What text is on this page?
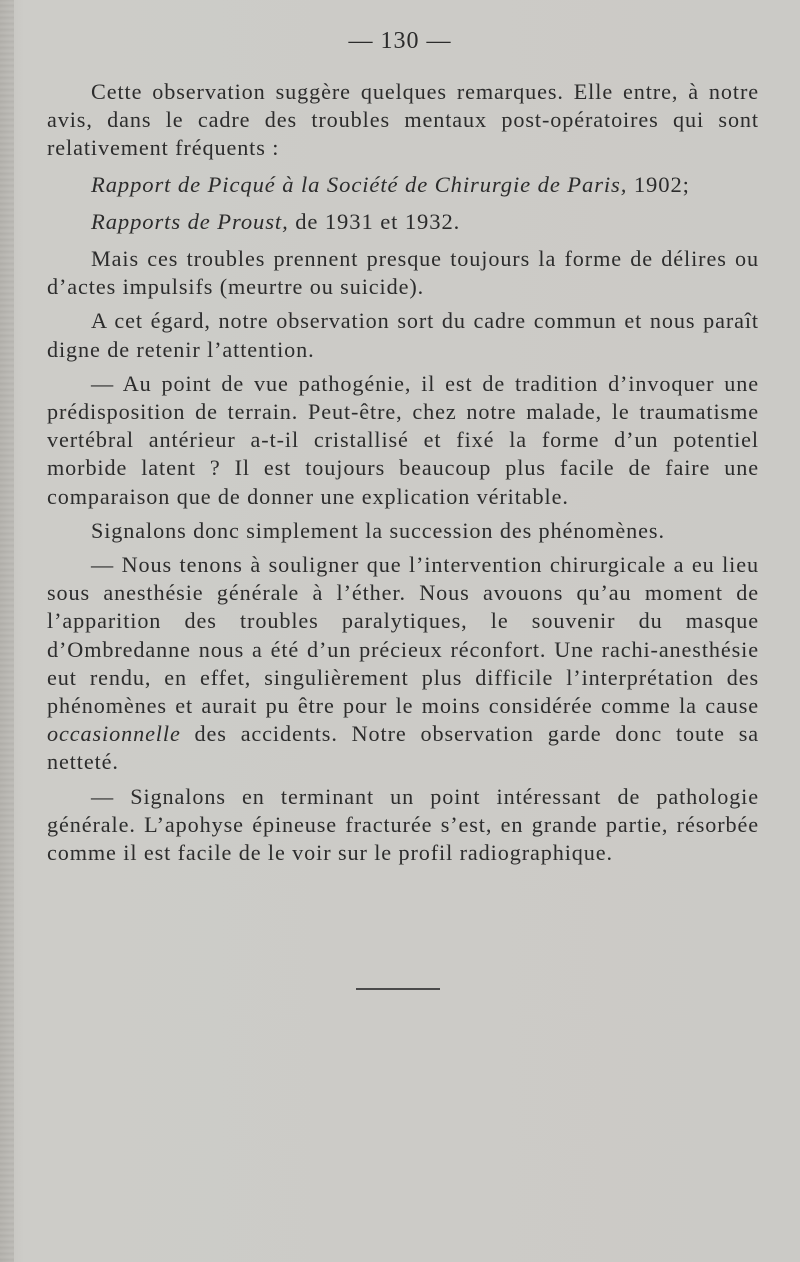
— 130 —

Cette observation suggère quelques remarques. Elle entre, à notre avis, dans le cadre des troubles mentaux post-opératoires qui sont relativement fréquents :

Rapport de Picqué à la Société de Chirurgie de Paris, 1902;

Rapports de Proust, de 1931 et 1932.

Mais ces troubles prennent presque toujours la forme de délires ou d’actes impulsifs (meurtre ou suicide).

A cet égard, notre observation sort du cadre commun et nous paraît digne de retenir l’attention.

— Au point de vue pathogénie, il est de tradition d’invoquer une prédisposition de terrain. Peut-être, chez notre malade, le traumatisme vertébral antérieur a-t-il cristallisé et fixé la forme d’un potentiel morbide latent ? Il est toujours beaucoup plus facile de faire une comparaison que de donner une explication véritable.

Signalons donc simplement la succession des phénomènes.

— Nous tenons à souligner que l’intervention chirurgicale a eu lieu sous anesthésie générale à l’éther. Nous avouons qu’au moment de l’apparition des troubles paralytiques, le souvenir du masque d’Ombredanne nous a été d’un précieux réconfort. Une rachi-anesthésie eut rendu, en effet, singulièrement plus difficile l’interprétation des phénomènes et aurait pu être pour le moins considérée comme la cause occasionnelle des accidents. Notre observation garde donc toute sa netteté.

— Signalons en terminant un point intéressant de pathologie générale. L’apohyse épineuse fracturée s’est, en grande partie, résorbée comme il est facile de le voir sur le profil radiographique.
